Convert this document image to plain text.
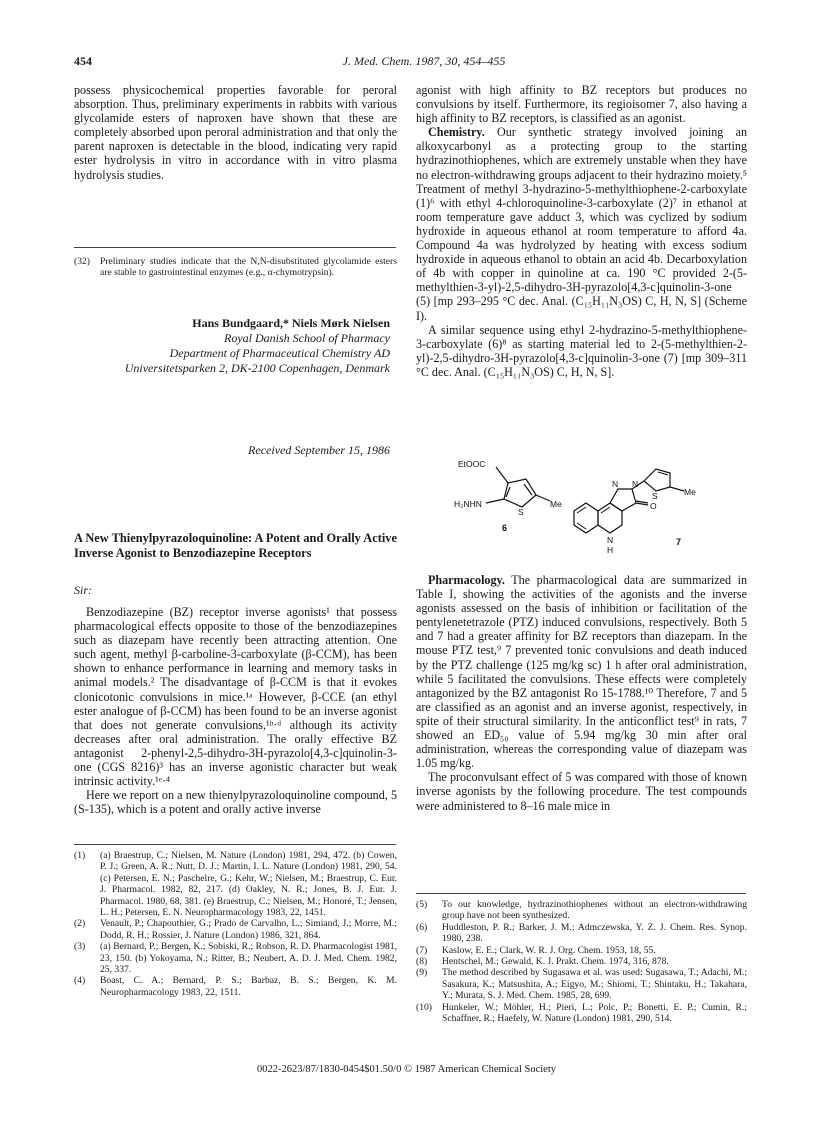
454	J. Med. Chem. 1987, 30, 454–455

possess physicochemical properties favorable for peroral absorption. Thus, preliminary experiments in rabbits with various glycolamide esters of naproxen have shown that these are completely absorbed upon peroral administration and that only the parent naproxen is detectable in the blood, indicating very rapid ester hydrolysis in vitro in accordance with in vitro plasma hydrolysis studies.

(32)	Preliminary studies indicate that the N,N-disubstituted glycolamide esters are stable to gastrointestinal enzymes (e.g., α-chymotrypsin).
Hans Bundgaard,* Niels Mørk Nielsen
Royal Danish School of Pharmacy
Department of Pharmaceutical Chemistry AD
Universitetsparken 2, DK-2100 Copenhagen, Denmark
Received September 15, 1986
A New Thienylpyrazoloquinoline: A Potent and Orally Active Inverse Agonist to Benzodiazepine Receptors
Sir:

Benzodiazepine (BZ) receptor inverse agonists¹ that possess pharmacological effects opposite to those of the benzodiazepines such as diazepam have recently been attracting attention. One such agent, methyl β-carboline-3-carboxylate (β-CCM), has been shown to enhance performance in learning and memory tasks in animal models.² The disadvantage of β-CCM is that it evokes clonicotonic convulsions in mice.¹ᵃ However, β-CCE (an ethyl ester analogue of β-CCM) has been found to be an inverse agonist that does not generate convulsions,¹ᵇ·ᵈ although its activity decreases after oral administration. The orally effective BZ antagonist 2-phenyl-2,5-dihydro-3H-pyrazolo[4,3-c]quinolin-3-one (CGS 8216)³ has an inverse agonistic character but weak intrinsic activity.¹ᵉ·⁴

Here we report on a new thienylpyrazoloquinoline compound, 5 (S-135), which is a potent and orally active inverse

agonist with high affinity to BZ receptors but produces no convulsions by itself. Furthermore, its regioisomer 7, also having a high affinity to BZ receptors, is classified as an agonist.

Chemistry. Our synthetic strategy involved joining an alkoxycarbonyl as a protecting group to the starting hydrazinothiophenes, which are extremely unstable when they have no electron-withdrawing groups adjacent to their hydrazino moiety.⁵ Treatment of methyl 3-hydrazino-5-methylthiophene-2-carboxylate (1)⁶ with ethyl 4-chloroquinoline-3-carboxylate (2)⁷ in ethanol at room temperature gave adduct 3, which was cyclized by sodium hydroxide in aqueous ethanol at room temperature to afford 4a. Compound 4a was hydrolyzed by heating with excess sodium hydroxide in aqueous ethanol to obtain an acid 4b. Decarboxylation of 4b with copper in quinoline at ca. 190 °C provided 2-(5-methylthien-3-yl)-2,5-dihydro-3H-pyrazolo[4,3-c]quinolin-3-one (5) [mp 293–295 °C dec. Anal. (C₁₅H₁₁N₃OS) C, H, N, S] (Scheme I).

A similar sequence using ethyl 2-hydrazino-5-methylthiophene-3-carboxylate (6)⁸ as starting material led to 2-(5-methylthien-2-yl)-2,5-dihydro-3H-pyrazolo[4,3-c]quinolin-3-one (7) [mp 309–311 °C dec. Anal. (C₁₅H₁₁N₃OS) C, H, N, S].

EtOOC
H₂NHN
S
Me
6
N N
S	Me
O
N
H
7

Pharmacology. The pharmacological data are summarized in Table I, showing the activities of the agonists and the inverse agonists assessed on the basis of inhibition or facilitation of the pentylenetetrazole (PTZ) induced convulsions, respectively. Both 5 and 7 had a greater affinity for BZ receptors than diazepam. In the mouse PTZ test,⁹ 7 prevented tonic convulsions and death induced by the PTZ challenge (125 mg/kg sc) 1 h after oral administration, while 5 facilitated the convulsions. These effects were completely antagonized by the BZ antagonist Ro 15-1788.¹⁰ Therefore, 7 and 5 are classified as an agonist and an inverse agonist, respectively, in spite of their structural similarity. In the anticonflict test⁹ in rats, 7 showed an ED₅₀ value of 5.94 mg/kg 30 min after oral administration, whereas the corresponding value of diazepam was 1.05 mg/kg.

The proconvulsant effect of 5 was compared with those of known inverse agonists by the following procedure. The test compounds were administered to 8–16 male mice in

(1)	(a) Braestrup, C.; Nielsen, M. Nature (London) 1981, 294, 472. (b) Cowen, P. J.; Green, A. R.; Nutt, D. J.; Martin, I. L. Nature (London) 1981, 290, 54. (c) Petersen, E. N.; Paschelre, G.; Kehr, W.; Nielsen, M.; Braestrup, C. Eur. J. Pharmacol. 1982, 82, 217. (d) Oakley, N. R.; Jones, B. J. Eur. J. Pharmacol. 1980, 68, 381. (e) Braestrup, C.; Nielsen, M.; Honoré, T.; Jensen, L. H.; Petersen, E. N. Neuropharmacology 1983, 22, 1451.
(2)	Venault, P.; Chapouthier, G.; Prado de Carvalho, L.; Simiand, J.; Morre, M.; Dodd, R. H.; Rossier, J. Nature (London) 1986, 321, 864.
(3)	(a) Bernard, P.; Bergen, K.; Sobiski, R.; Robson, R. D. Pharmacologist 1981, 23, 150. (b) Yokoyama, N.; Ritter, B.; Neubert, A. D. J. Med. Chem. 1982, 25, 337.
(4)	Boast, C. A.; Bernard, P. S.; Barbaz, B. S.; Bergen, K. M. Neuropharmacology 1983, 22, 1511.
(5)	To our knowledge, hydrazinothiophenes without an electron-withdrawing group have not been synthesized.
(6)	Huddleston, P. R.; Barker, J. M.; Admczewska, Y. Z. J. Chem. Res. Synop. 1980, 238.
(7)	Kaslow, E. E.; Clark, W. R. J. Org. Chem. 1953, 18, 55.
(8)	Hentschel, M.; Gewald, K. J. Prakt. Chem. 1974, 316, 878.
(9)	The method described by Sugasawa et al. was used: Sugasawa, T.; Adachi, M.; Sasakura, K.; Matsushita, A.; Eigyo, M.; Shiomi, T.; Shintaku, H.; Takahara, Y.; Murata, S. J. Med. Chem. 1985, 28, 699.
(10)	Hunkeler, W.; Möhler, H.; Pieri, L.; Polc, P.; Bonetti, E. P.; Cumin, R.; Schaffner, R.; Haefely, W. Nature (London) 1981, 290, 514.
0022-2623/87/1830-0454$01.50/0 © 1987 American Chemical Society
